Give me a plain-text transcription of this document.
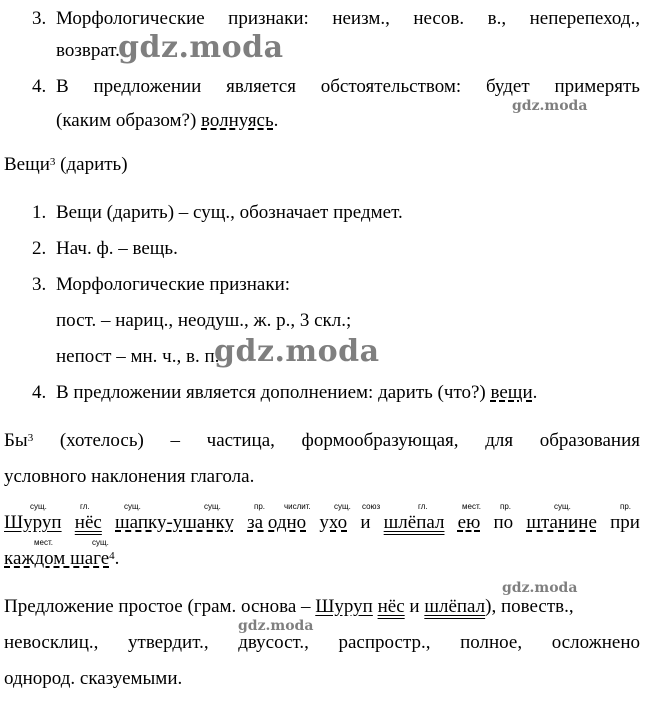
3. Морфологические признаки: неизм., несов. в., неперепеход.,
возврат.
gdz.moda
4. В предложении является обстоятельством: будет примерять
(каким образом?) волнуясь.
gdz.moda
Вещи$^3$ (дарить)
1. Вещи (дарить) – сущ., обозначает предмет.
2. Нач. ф. – вещь.
3. Морфологические признаки:
пост. – нариц., неодуш., ж. р., 3 скл.;
непост – мн. ч., в. п.
gdz.moda
4. В предложении является дополнением: дарить (что?) вещи.
$Бы^3$ (хотелось) – частица, формообразующая, для образования
условного наклонения глагола.
сущ.	гл.	сущ.	сущ.	пр. числит.	сущ. союз	гл.	мест. пр.	сущ.	пр.
Шуруп нёс шапку-ушанку за одно ухо и шлёпал ею по штанине при
мест.	сущ.
каждом шаге$^4$.
gdz.moda
Предложение простое (грам. основа – Шуруп нёс и шлёпал), повеств.,
gdz.moda
невосклиц., утвердит., двусост., распростр., полное, осложнено
однород. сказуемыми.
